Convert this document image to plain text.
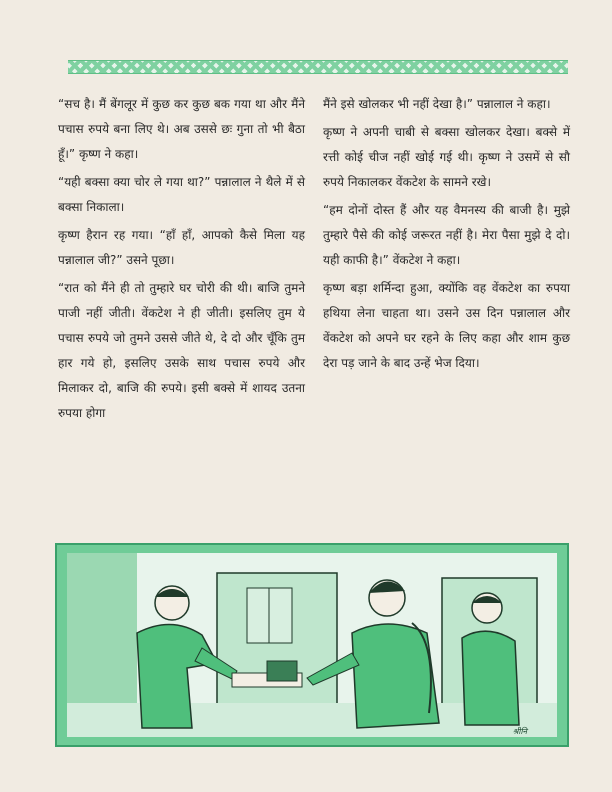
“सच है। मैं बेंगलूर में कुछ कर कुछ बक गया था और मैंने पचास रुपये बना लिए थे। अब उससे छः गुना तो भी बैठा हूँ।” कृष्ण ने कहा।

“यही बक्सा क्या चोर ले गया था?” पन्नालाल ने थैले में से बक्सा निकाला।

कृष्ण हैरान रह गया। “हाँ हाँ, आपको कैसे मिला यह पन्नालाल जी?” उसने पूछा।

“रात को मैंने ही तो तुम्हारे घर चोरी की थी। बाजि तुमने पाजी नहीं जीती। वेंकटेश ने ही जीती। इसलिए तुम ये पचास रुपये जो तुमने उससे जीते थे, दे दो और चूँकि तुम हार गये हो, इसलिए उसके साथ पचास रुपये और मिलाकर दो, बाजि की रुपये। इसी बक्से में शायद उतना रुपया होगा

मैंने इसे खोलकर भी नहीं देखा है।” पन्नालाल ने कहा।

कृष्ण ने अपनी चाबी से बक्सा खोलकर देखा। बक्से में रत्ती कोई चीज नहीं खोई गई थी। कृष्ण ने उसमें से सौ रुपये निकालकर वेंकटेश के सामने रखे।

“हम दोनों दोस्त हैं और यह वैमनस्य की बाजी है। मुझे तुम्हारे पैसे की कोई जरूरत नहीं है। मेरा पैसा मुझे दे दो। यही काफी है।” वेंकटेश ने कहा।

कृष्ण बड़ा शर्मिन्दा हुआ, क्योंकि वह वेंकटेश का रुपया हथिया लेना चाहता था। उसने उस दिन पन्नालाल और वेंकटेश को अपने घर रहने के लिए कहा और शाम कुछ देरा पड़ जाने के बाद उन्हें भेज दिया।

श्रीनि
